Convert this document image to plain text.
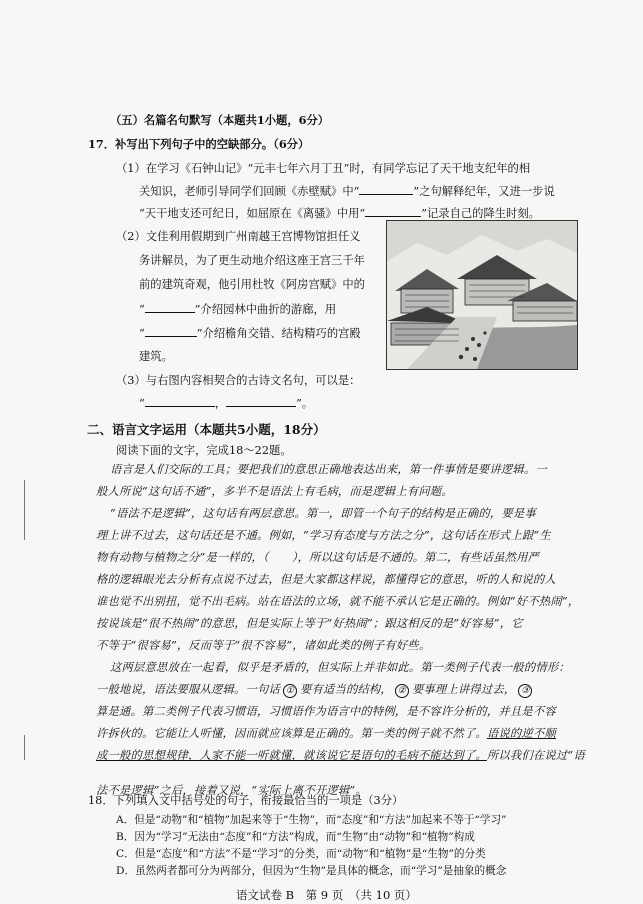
（五）名篇名句默写（本题共1小题，6分）
17．补写出下列句子中的空缺部分。（6分）
（1）在学习《石钟山记》“元丰七年六月丁丑”时，有同学忘记了天干地支纪年的相
关知识，老师引导同学们回顾《赤壁赋》中“	”之句解释纪年，又进一步说
“天干地支还可纪日，如屈原在《离骚》中用“	”记录自己的降生时刻。
（2）文佳利用假期到广州南越王宫博物馆担任义
务讲解员，为了更生动地介绍这座王宫三千年
前的建筑奇观，他引用杜牧《阿房宫赋》中的
“	”介绍园林中曲折的游廊，用
“	”介绍檐角交错、结构精巧的宫殿
建筑。
（3）与右图内容相契合的古诗文名句，可以是：
“	，	”。
二、语言文字运用（本题共5小题，18分）
阅读下面的文字，完成18～22题。
语言是人们交际的工具；要把我们的意思正确地表达出来，第一件事情是要讲逻辑。一
般人所说“这句话不通”，多半不是语法上有毛病，而是逻辑上有问题。
“语法不是逻辑”，这句话有两层意思。第一，即管一个句子的结构是正确的，要是事
理上讲不过去，这句话还是不通。例如，“学习有态度与方法之分”，这句话在形式上跟“生
物有动物与植物之分”是一样的，（　　），所以这句话是不通的。第二，有些话虽然用严
格的逻辑眼光去分析有点说不过去，但是大家都这样说，都懂得它的意思，听的人和说的人
谁也觉不出别扭，觉不出毛病。站在语法的立场，就不能不承认它是正确的。例如“好不热闹”，
按说该是“很不热闹”的意思，但是实际上等于“好热闹”；跟这相反的是“好容易”，它
不等于“很容易”，反而等于“很不容易”，诸如此类的例子有好些。
这两层意思放在一起看，似乎是矛盾的，但实际上并非如此。第一类例子代表一般的情形：
一般地说，语法要服从逻辑。一句话 ① 要有适当的结构， ② 要事理上讲得过去， ③
算是通。第二类例子代表习惯语，习惯语作为语言中的特例，是不容许分析的，并且是不容
许拆伙的。它能让人听懂，因而就应该算是正确的。第一类的例子就不然了。语说的逆不顺
成一般的思想规律，人家不能一听就懂，就该说它是语句的毛病不能达到了。所以我们在说过“语
法不是逻辑”之后，接着又说，“实际上离不开逻辑”。
18．下列填入文中括号处的句子，衔接最恰当的一项是（3分）
A．但是“动物”和“植物”加起来等于“生物”，而“态度”和“方法”加起来不等于“学习”
B．因为“学习”无法由“态度”和“方法”构成，而“生物”由“动物”和“植物”构成
C．但是“态度”和“方法”不是“学习”的分类，而“动物”和“植物”是“生物”的分类
D．虽然两者都可分为两部分，但因为“生物”是具体的概念，而“学习”是抽象的概念
语文试卷 B　第 9 页　（共 10 页）
